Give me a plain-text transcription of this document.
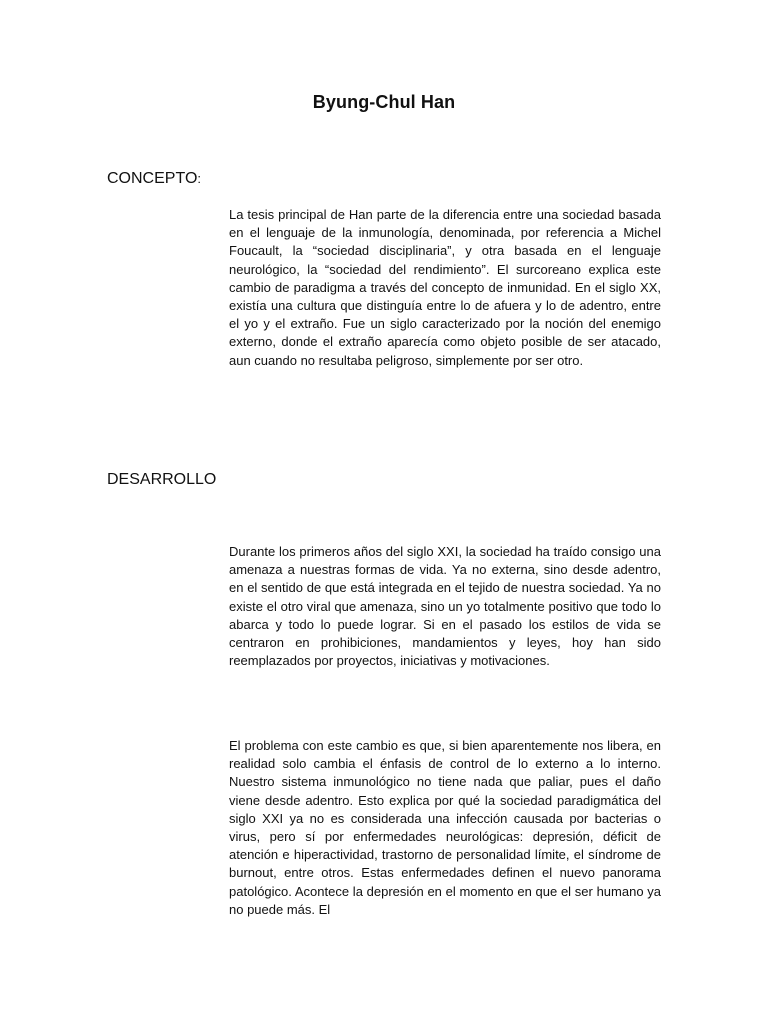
Byung-Chul Han
CONCEPTO:

La tesis principal de Han parte de la diferencia entre una sociedad basada en el lenguaje de la inmunología, denominada, por referencia a Michel Foucault, la “sociedad disciplinaria”, y otra basada en el lenguaje neurológico, la “sociedad del rendimiento”. El surcoreano explica este cambio de paradigma a través del concepto de inmunidad. En el siglo XX, existía una cultura que distinguía entre lo de afuera y lo de adentro, entre el yo y el extraño. Fue un siglo caracterizado por la noción del enemigo externo, donde el extraño aparecía como objeto posible de ser atacado, aun cuando no resultaba peligroso, simplemente por ser otro.

DESARROLLO

Durante los primeros años del siglo XXI, la sociedad ha traído consigo una amenaza a nuestras formas de vida. Ya no externa, sino desde adentro, en el sentido de que está integrada en el tejido de nuestra sociedad. Ya no existe el otro viral que amenaza, sino un yo totalmente positivo que todo lo abarca y todo lo puede lograr. Si en el pasado los estilos de vida se centraron en prohibiciones, mandamientos y leyes, hoy han sido reemplazados por proyectos, iniciativas y motivaciones.

El problema con este cambio es que, si bien aparentemente nos libera, en realidad solo cambia el énfasis de control de lo externo a lo interno. Nuestro sistema inmunológico no tiene nada que paliar, pues el daño viene desde adentro. Esto explica por qué la sociedad paradigmática del siglo XXI ya no es considerada una infección causada por bacterias o virus, pero sí por enfermedades neurológicas: depresión, déficit de atención e hiperactividad, trastorno de personalidad límite, el síndrome de burnout, entre otros. Estas enfermedades definen el nuevo panorama patológico. Acontece la depresión en el momento en que el ser humano ya no puede más. El
